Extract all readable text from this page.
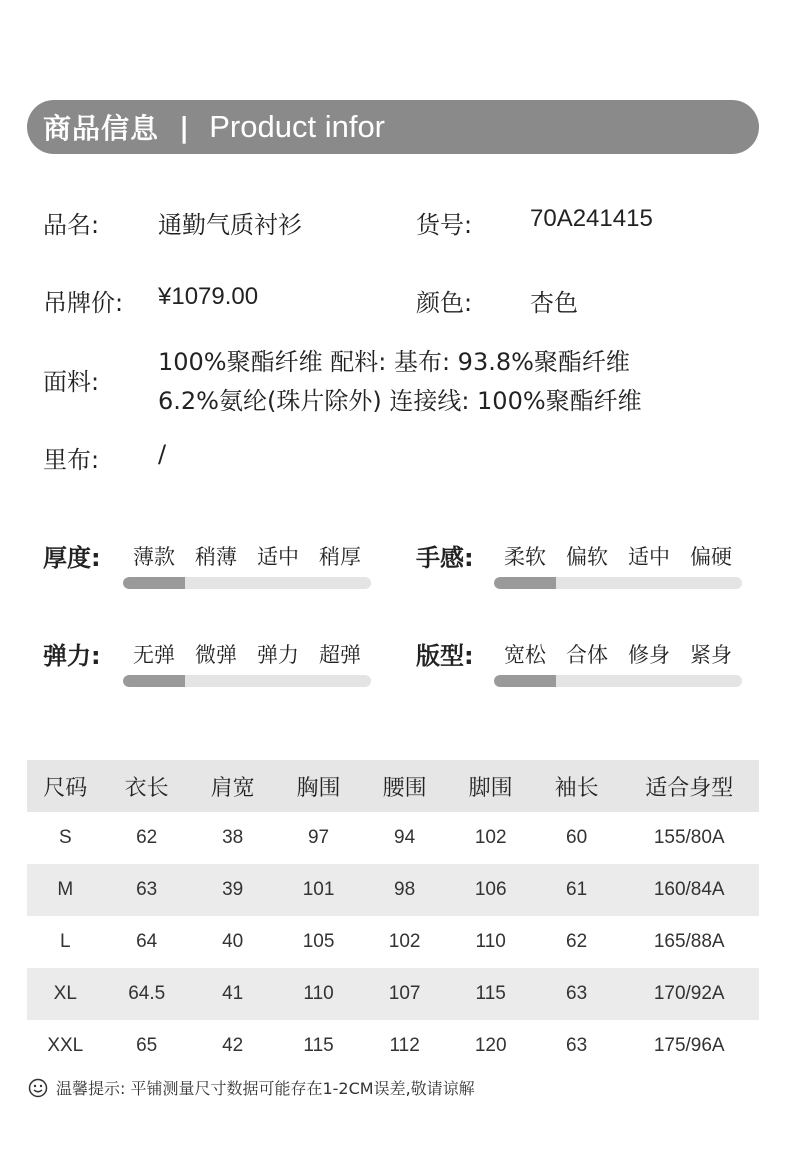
商品信息 | Product infor
品名: 通勤气质衬衫	货号: 70A241415
吊牌价: ¥1079.00	颜色: 杏色
面料:
100%聚酯纤维 配料: 基布: 93.8%聚酯纤维
6.2%氨纶(珠片除外) 连接线: 100%聚酯纤维
里布: /
厚度:	薄款 稍薄 适中 稍厚	手感:	柔软 偏软 适中 偏硬
弹力:	无弹 微弹 弹力 超弹	版型:	宽松 合体 修身 紧身
尺码	衣长	肩宽	胸围	腰围	脚围	袖长	适合身型
S	62	38	97	94	102	60	155/80A
M	63	39	101	98	106	61	160/84A
L	64	40	105	102	110	62	165/88A
XL	64.5	41	110	107	115	63	170/92A
XXL	65	42	115	112	120	63	175/96A
温馨提示: 平铺测量尺寸数据可能存在1-2CM误差,敬请谅解
